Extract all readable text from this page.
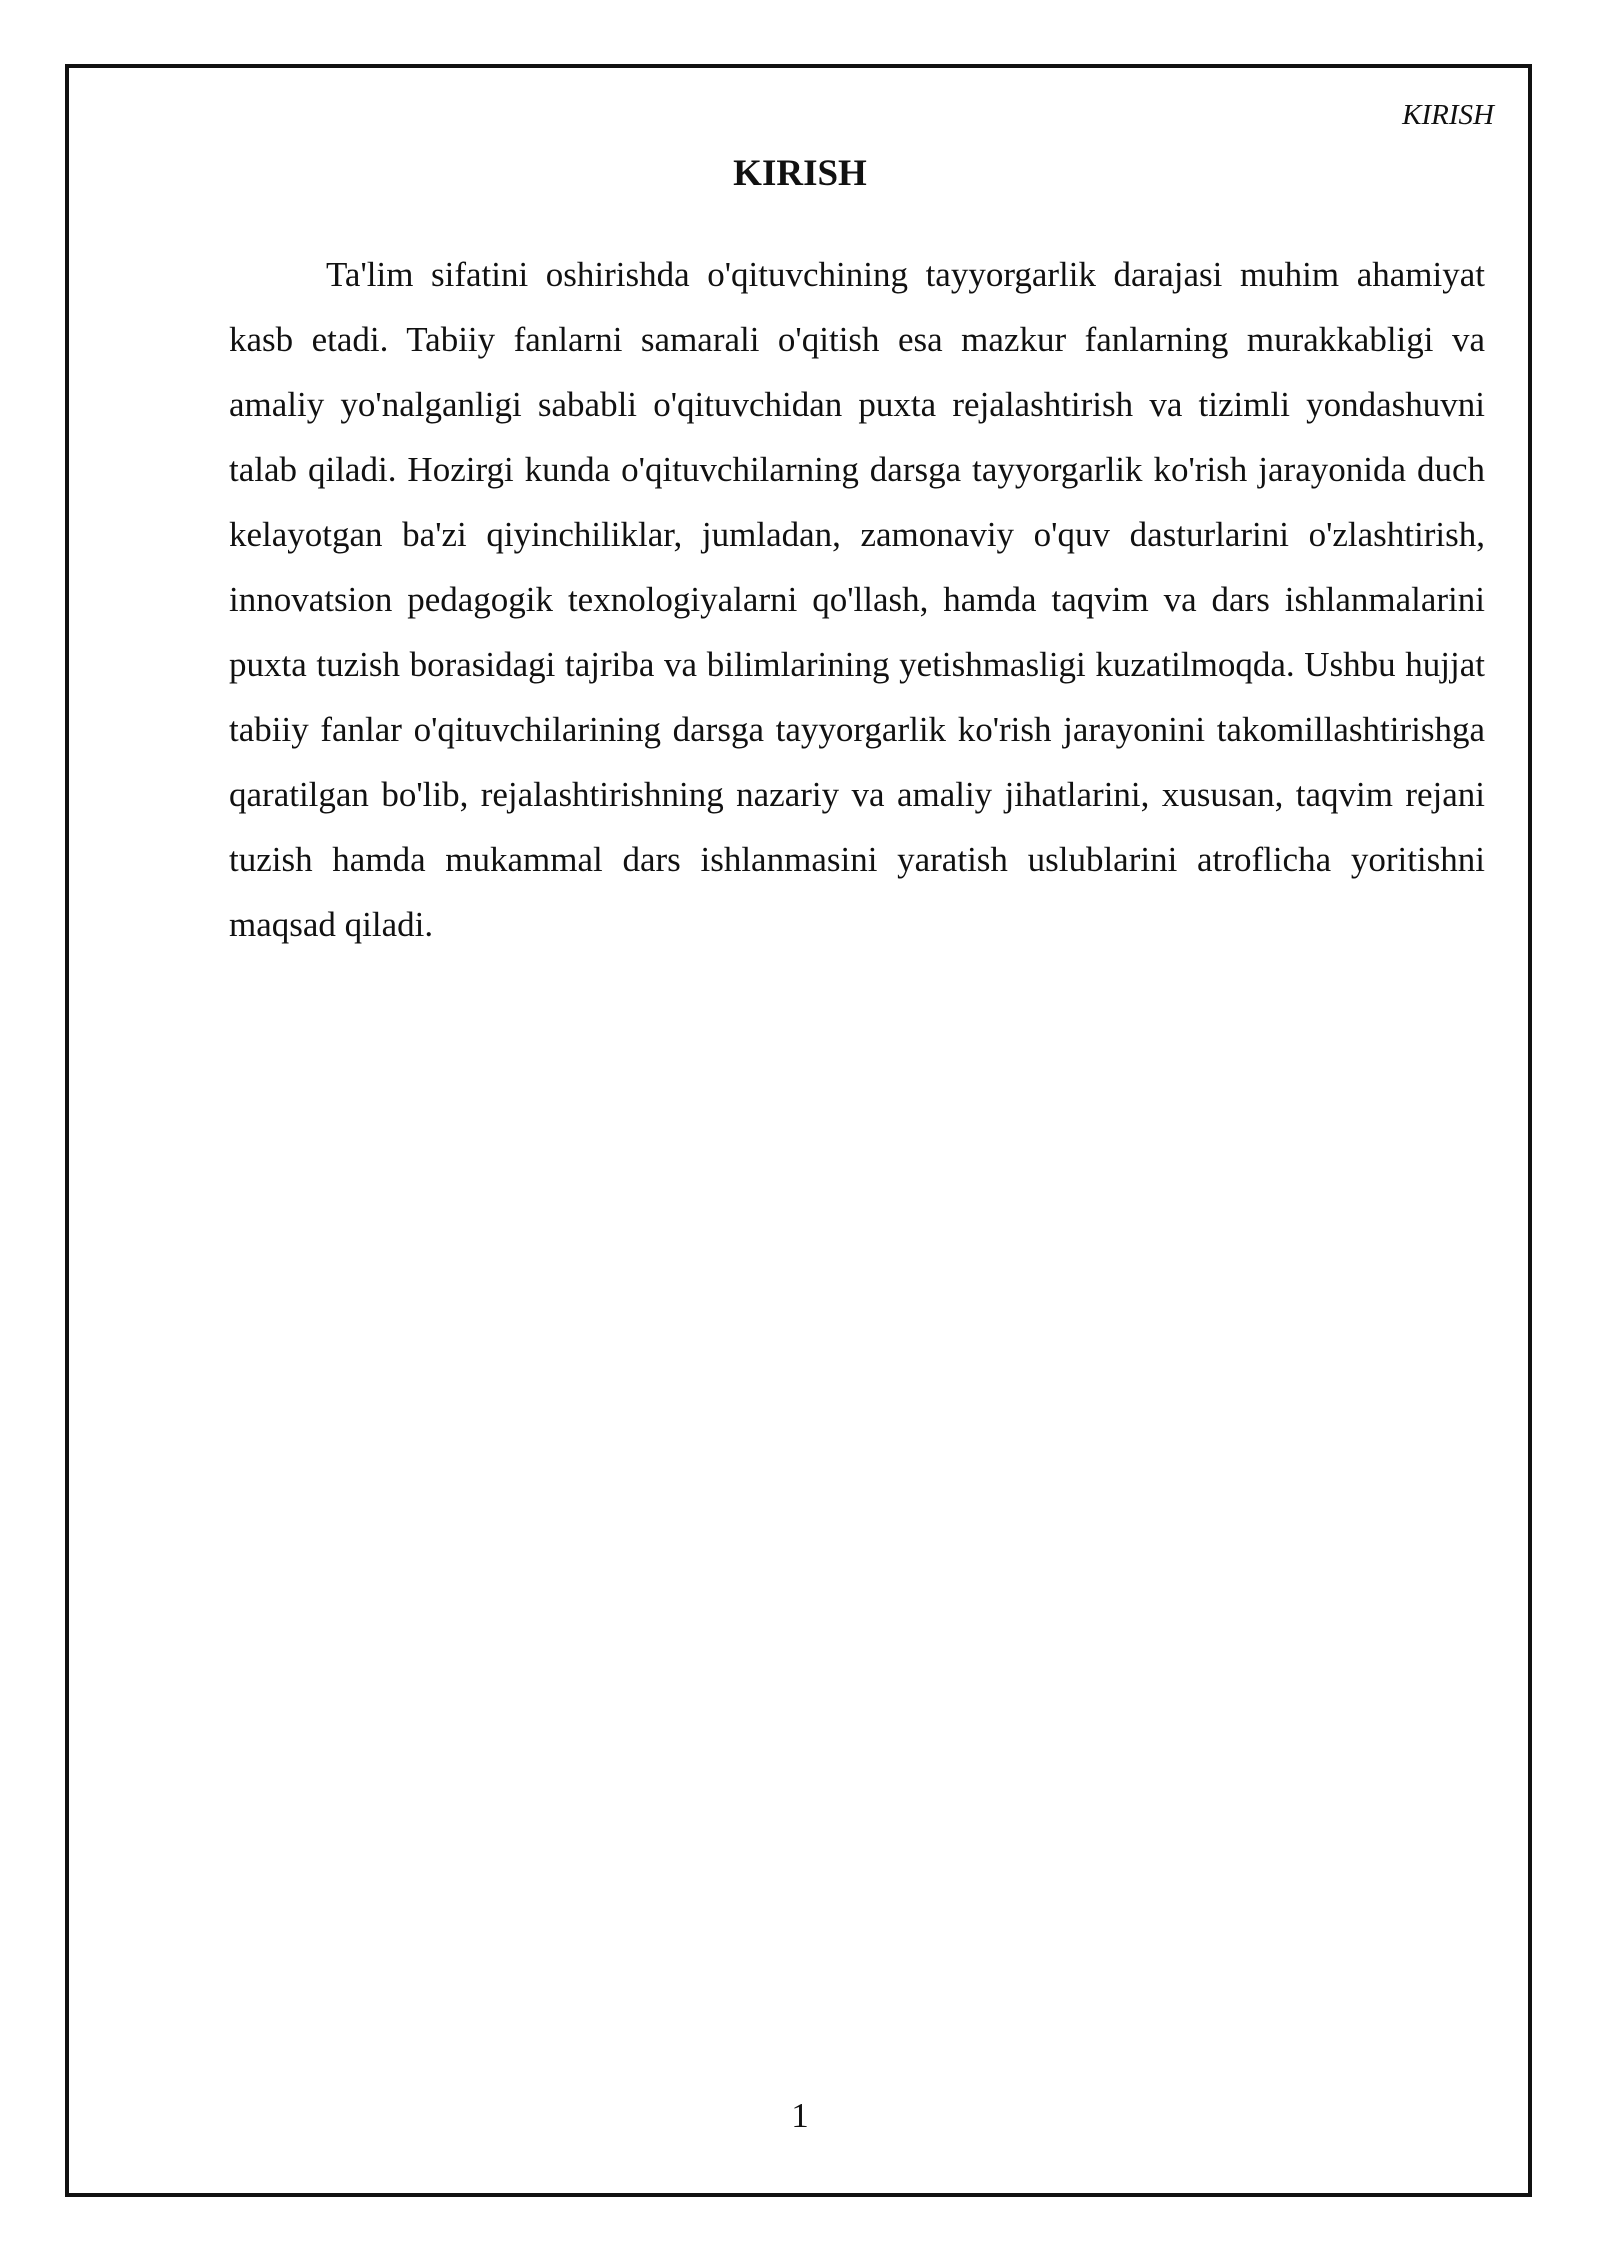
KIRISH
KIRISH

Ta'lim sifatini oshirishda o'qituvchining tayyorgarlik darajasi muhim ahamiyat kasb etadi. Tabiiy fanlarni samarali o'qitish esa mazkur fanlarning murakkabligi va amaliy yo'nalganligi sababli o'qituvchidan puxta rejalashtirish va tizimli yondashuvni talab qiladi. Hozirgi kunda o'qituvchilarning darsga tayyorgarlik ko'rish jarayonida duch kelayotgan ba'zi qiyinchiliklar, jumladan, zamonaviy o'quv dasturlarini o'zlashtirish, innovatsion pedagogik texnologiyalarni qo'llash, hamda taqvim va dars ishlanmalarini puxta tuzish borasidagi tajriba va bilimlarining yetishmasligi kuzatilmoqda. Ushbu hujjat tabiiy fanlar o'qituvchilarining darsga tayyorgarlik ko'rish jarayonini takomillashtirishga qaratilgan bo'lib, rejalashtirishning nazariy va amaliy jihatlarini, xususan, taqvim rejani tuzish hamda mukammal dars ishlanmasini yaratish uslublarini atroflicha yoritishni maqsad qiladi.

1
